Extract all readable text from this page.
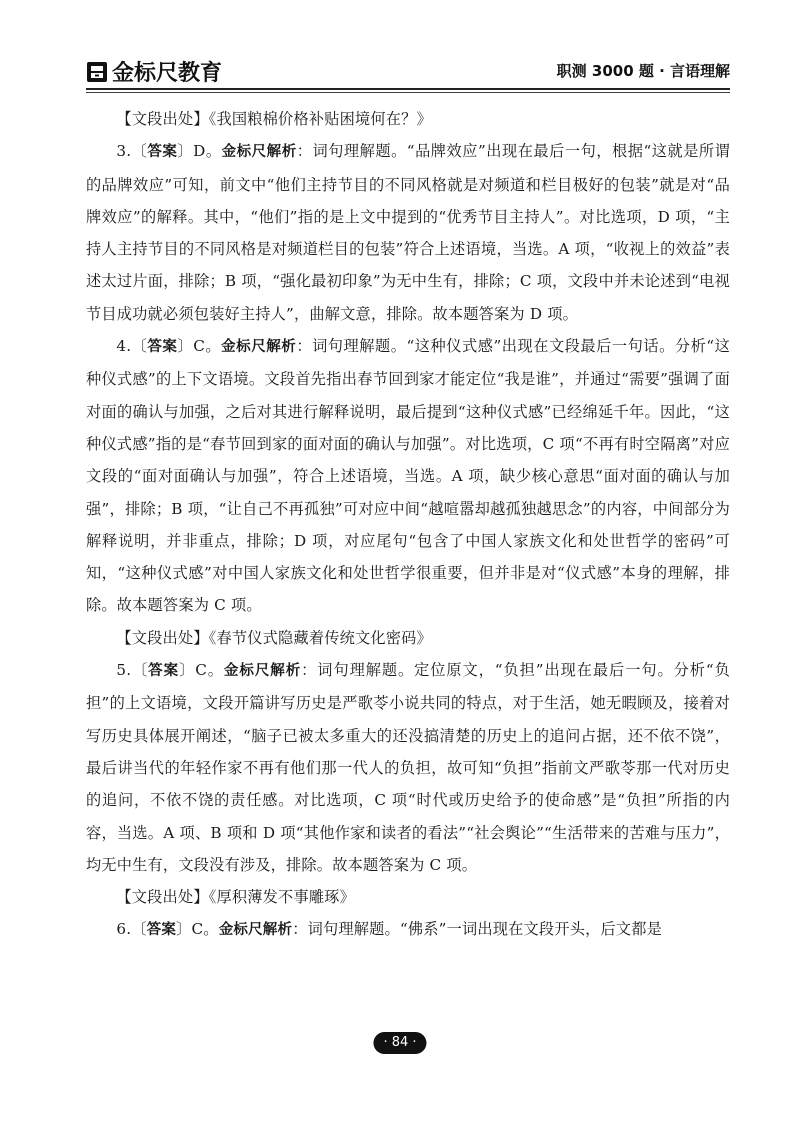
金标尺教育	职测 3000 题 · 言语理解

【文段出处】《我国粮棉价格补贴困境何在？》

3.〔答案〕D。金标尺解析：词句理解题。“品牌效应”出现在最后一句，根据“这就是所谓的品牌效应”可知，前文中“他们主持节目的不同风格就是对频道和栏目极好的包装”就是对“品牌效应”的解释。其中，“他们”指的是上文中提到的“优秀节目主持人”。对比选项，D 项，“主持人主持节目的不同风格是对频道栏目的包装”符合上述语境，当选。A 项，“收视上的效益”表述太过片面，排除；B 项，“强化最初印象”为无中生有，排除；C 项，文段中并未论述到“电视节目成功就必须包装好主持人”，曲解文意，排除。故本题答案为 D 项。

4.〔答案〕C。金标尺解析：词句理解题。“这种仪式感”出现在文段最后一句话。分析“这种仪式感”的上下文语境。文段首先指出春节回到家才能定位“我是谁”，并通过“需要”强调了面对面的确认与加强，之后对其进行解释说明，最后提到“这种仪式感”已经绵延千年。因此，“这种仪式感”指的是“春节回到家的面对面的确认与加强”。对比选项，C 项“不再有时空隔离”对应文段的“面对面确认与加强”，符合上述语境，当选。A 项，缺少核心意思“面对面的确认与加强”，排除；B 项，“让自己不再孤独”可对应中间“越喧嚣却越孤独越思念”的内容，中间部分为解释说明，并非重点，排除；D 项，对应尾句“包含了中国人家族文化和处世哲学的密码”可知，“这种仪式感”对中国人家族文化和处世哲学很重要，但并非是对“仪式感”本身的理解，排除。故本题答案为 C 项。

【文段出处】《春节仪式隐藏着传统文化密码》

5.〔答案〕C。金标尺解析：词句理解题。定位原文，“负担”出现在最后一句。分析“负担”的上文语境，文段开篇讲写历史是严歌苓小说共同的特点，对于生活，她无暇顾及，接着对写历史具体展开阐述，“脑子已被太多重大的还没搞清楚的历史上的追问占据，还不依不饶”，最后讲当代的年轻作家不再有他们那一代人的负担，故可知“负担”指前文严歌苓那一代对历史的追问，不依不饶的责任感。对比选项，C 项“时代或历史给予的使命感”是“负担”所指的内容，当选。A 项、B 项和 D 项“其他作家和读者的看法”“社会舆论”“生活带来的苦难与压力”，均无中生有，文段没有涉及，排除。故本题答案为 C 项。

【文段出处】《厚积薄发不事雕琢》

6.〔答案〕C。金标尺解析：词句理解题。“佛系”一词出现在文段开头，后文都是

· 84 ·
